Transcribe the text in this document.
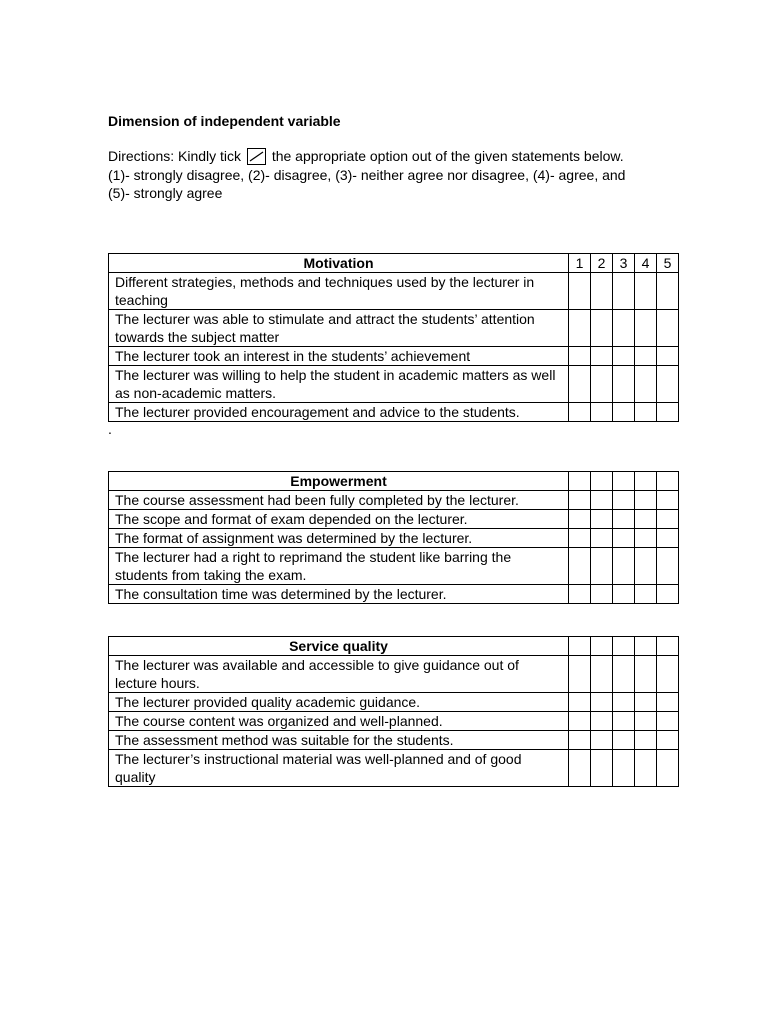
Dimension of independent variable
Directions: Kindly tick the appropriate option out of the given statements below.
(1)- strongly disagree, (2)- disagree, (3)- neither agree nor disagree, (4)- agree, and
(5)- strongly agree
Motivation	1	2	3	4	5
Different strategies, methods and techniques used by the lecturer in teaching					
The lecturer was able to stimulate and attract the students’ attention towards the subject matter					
The lecturer took an interest in the students’ achievement					
The lecturer was willing to help the student in academic matters as well as non-academic matters.					
The lecturer provided encouragement and advice to the students.					
.
Empowerment					
The course assessment had been fully completed by the lecturer.					
The scope and format of exam depended on the lecturer.					
The format of assignment was determined by the lecturer.					
The lecturer had a right to reprimand the student like barring the students from taking the exam.					
The consultation time was determined by the lecturer.					
Service quality					
The lecturer was available and accessible to give guidance out of lecture hours.					
The lecturer provided quality academic guidance.					
The course content was organized and well-planned.					
The assessment method was suitable for the students.					
The lecturer’s instructional material was well-planned and of good quality					
